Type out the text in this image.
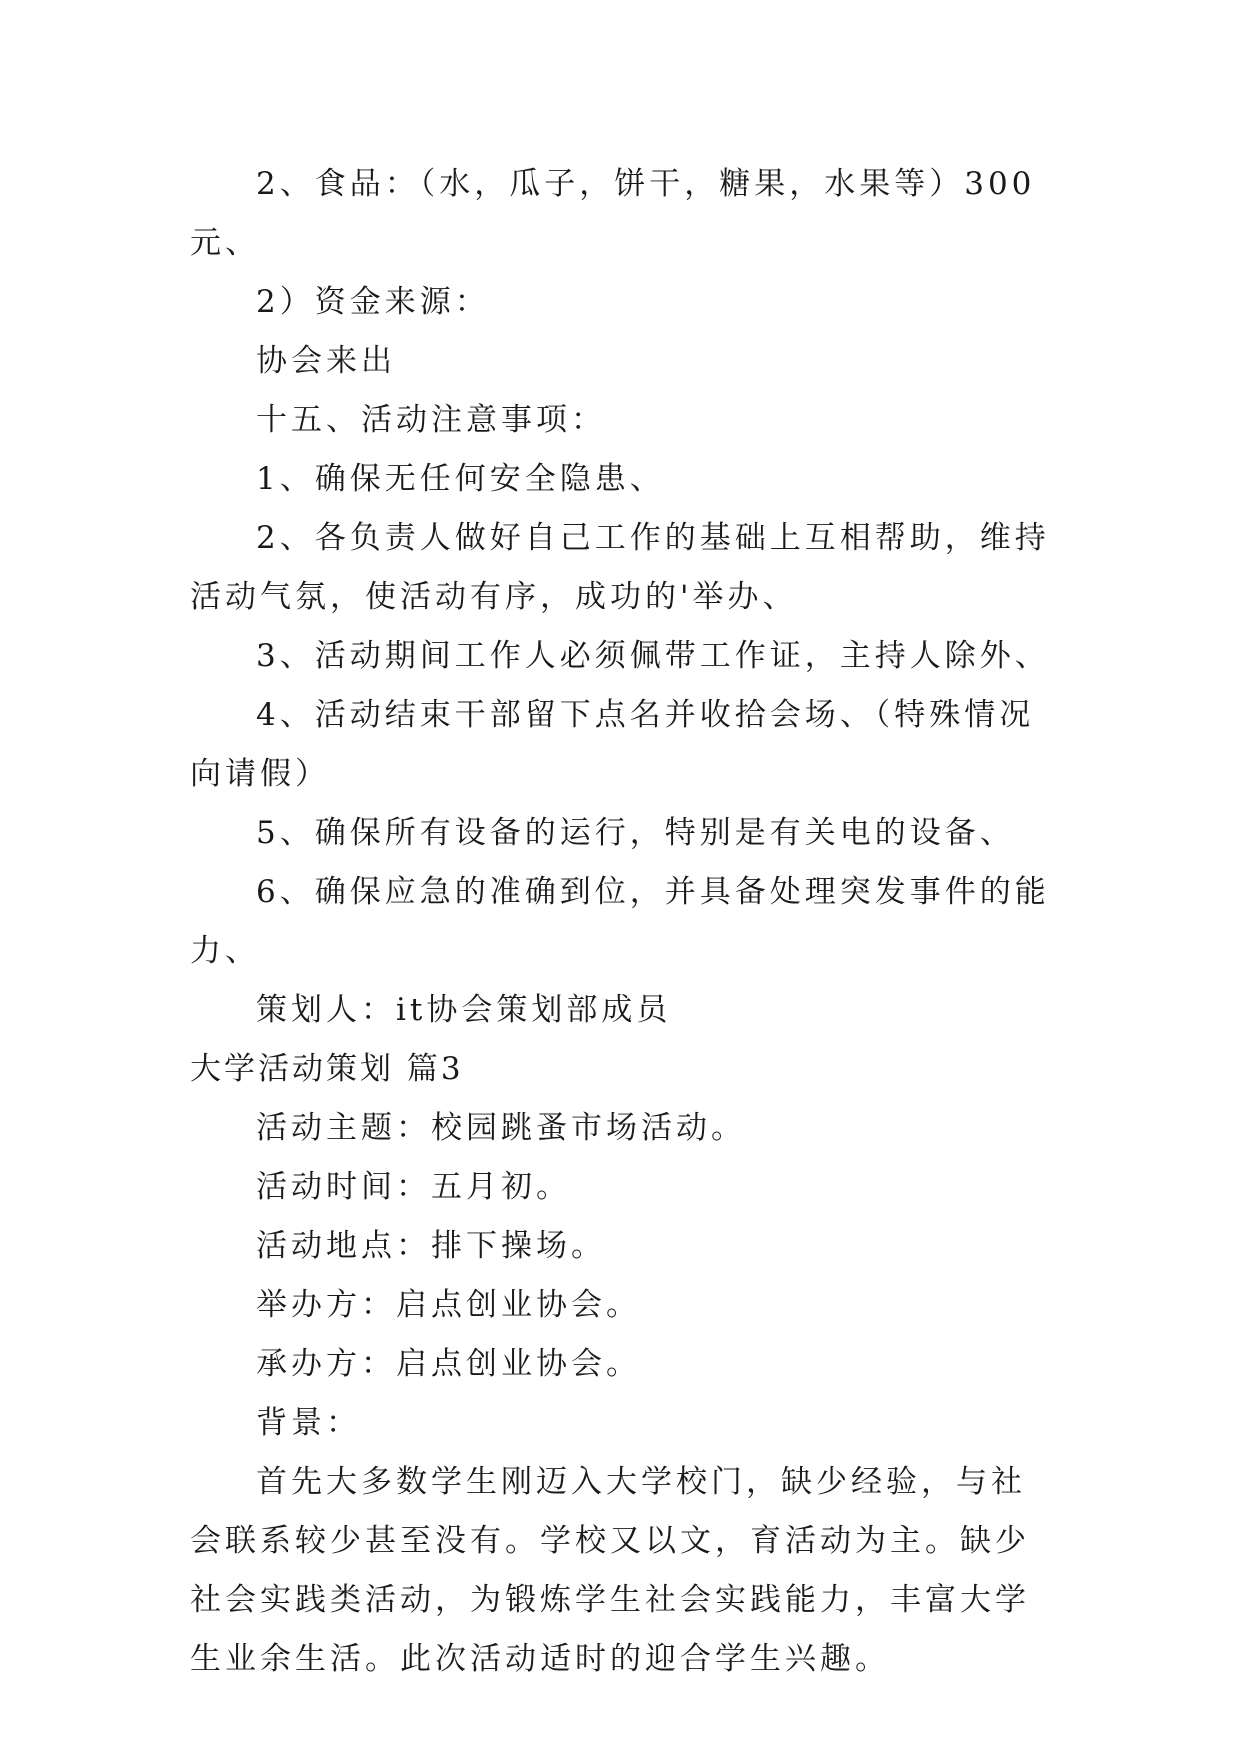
2、食品：（水，瓜子，饼干，糖果，水果等）300元、

2）资金来源：

协会来出

十五、活动注意事项：

1、确保无任何安全隐患、

2、各负责人做好自己工作的基础上互相帮助，维持活动气氛，使活动有序，成功的'举办、

3、活动期间工作人必须佩带工作证，主持人除外、

4、活动结束干部留下点名并收拾会场、（特殊情况向请假）

5、确保所有设备的运行，特别是有关电的设备、

6、确保应急的准确到位，并具备处理突发事件的能力、

策划人：it协会策划部成员

大学活动策划 篇3

活动主题：校园跳蚤市场活动。

活动时间：五月初。

活动地点：排下操场。

举办方：启点创业协会。

承办方：启点创业协会。

背景：

首先大多数学生刚迈入大学校门，缺少经验，与社会联系较少甚至没有。学校又以文，育活动为主。缺少社会实践类活动，为锻炼学生社会实践能力，丰富大学生业余生活。此次活动适时的迎合学生兴趣。
